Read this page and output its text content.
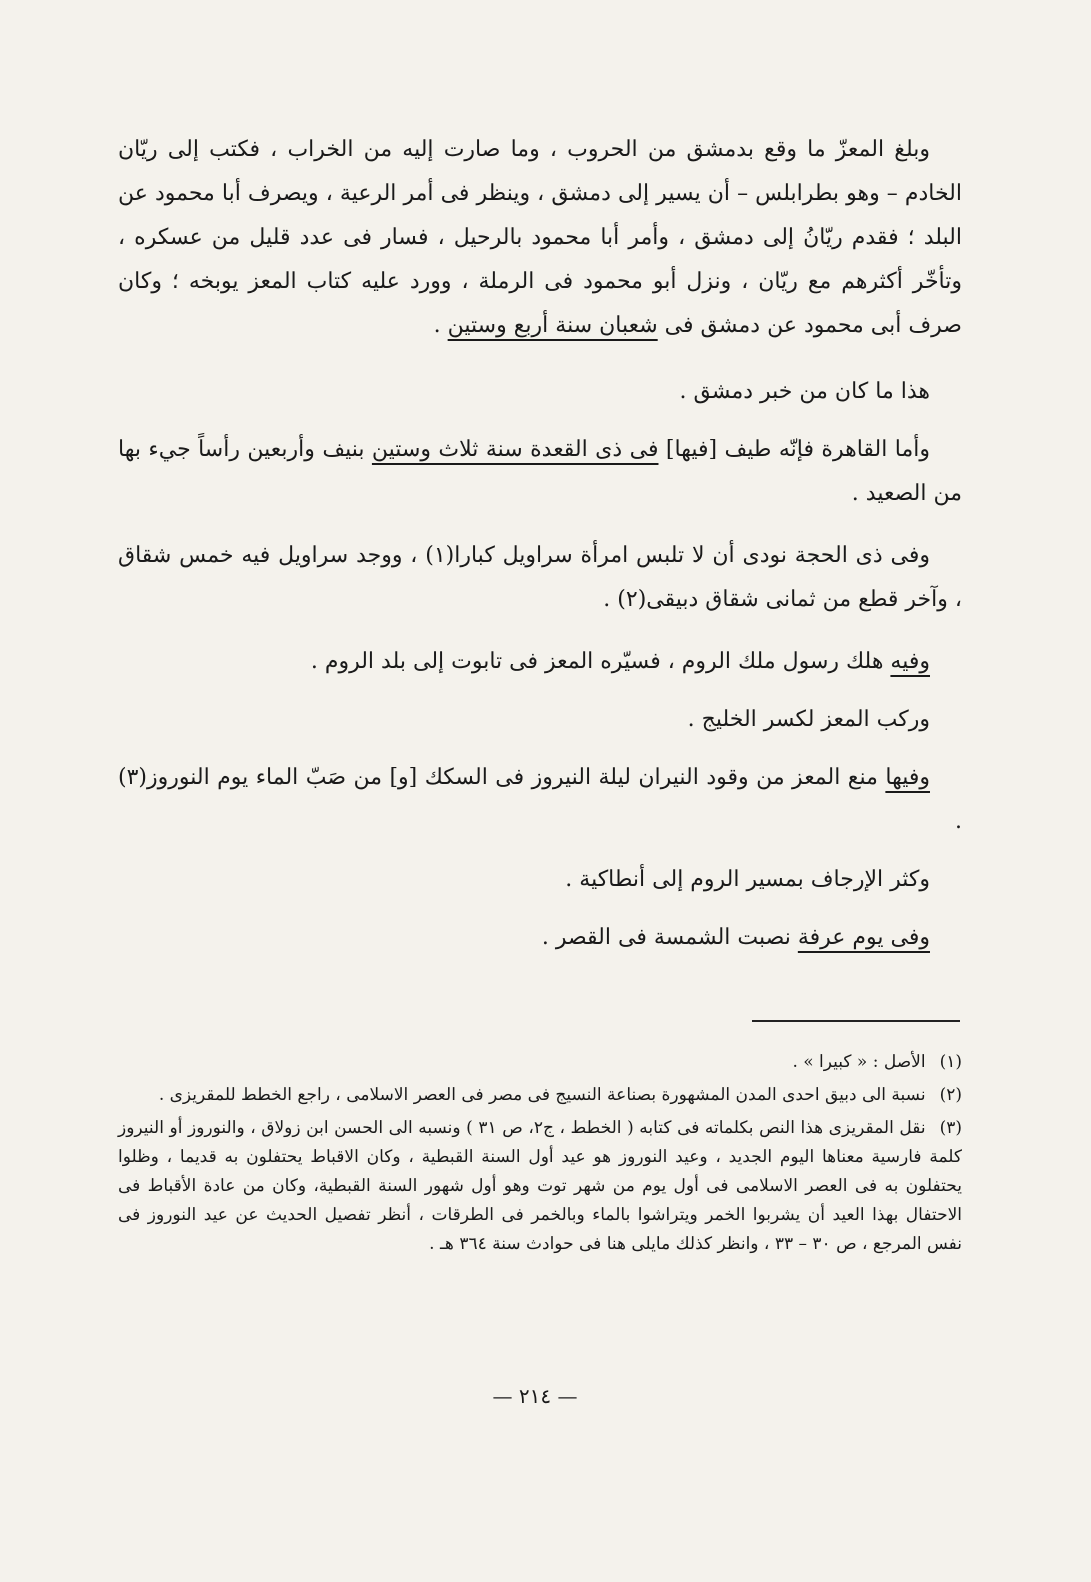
وبلغ المعزّ ما وقع بدمشق من الحروب ، وما صارت إليه من الخراب ، فكتب إلى ريّان الخادم – وهو بطرابلس – أن يسير إلى دمشق ، وينظر فى أمر الرعية ، ويصرف أبا محمود عن البلد ؛ فقدم ريّانُ إلى دمشق ، وأمر أبا محمود بالرحيل ، فسار فى عدد قليل من عسكره ، وتأخّر أكثرهم مع ريّان ، ونزل أبو محمود فى الرملة ، وورد عليه كتاب المعز يوبخه ؛ وكان صرف أبى محمود عن دمشق فى شعبان سنة أربع وستين .

هذا ما كان من خبر دمشق .

وأما القاهرة فإنّه طيف [فيها] فى ذى القعدة سنة ثلاث وستين بنيف وأربعين رأساً جيء بها من الصعيد .

وفى ذى الحجة نودى أن لا تلبس امرأة سراويل كبارا(١) ، ووجد سراويل فيه خمس شقاق ، وآخر قطع من ثمانى شقاق دبيقى(٢) .

وفيه هلك رسول ملك الروم ، فسيّره المعز فى تابوت إلى بلد الروم .

وركب المعز لكسر الخليج .

وفيها منع المعز من وقود النيران ليلة النيروز فى السكك [و] من صَبّ الماء يوم النوروز(٣) .

وكثر الإرجاف بمسير الروم إلى أنطاكية .

وفى يوم عرفة نصبت الشمسة فى القصر .

(١)الأصل : « كبيرا » .

(٢)نسبة الى دبيق احدى المدن المشهورة بصناعة النسيج فى مصر فى العصر الاسلامى ، راجع الخطط للمقريزى .

(٣)نقل المقريزى هذا النص بكلماته فى كتابه ( الخطط ، ج٢، ص ٣١ ) ونسبه الى الحسن ابن زولاق ، والنوروز أو النيروز كلمة فارسية معناها اليوم الجديد ، وعيد النوروز هو عيد أول السنة القبطية ، وكان الاقباط يحتفلون به قديما ، وظلوا يحتفلون به فى العصر الاسلامى فى أول يوم من شهر توت وهو أول شهور السنة القبطية، وكان من عادة الأقباط فى الاحتفال بهذا العيد أن يشربوا الخمر ويتراشوا بالماء وبالخمر فى الطرقات ، أنظر تفصيل الحديث عن عيد النوروز فى نفس المرجع ، ص ٣٠ – ٣٣ ، وانظر كذلك مايلى هنا فى حوادث سنة ٣٦٤ هـ .

— ٢١٤ —
